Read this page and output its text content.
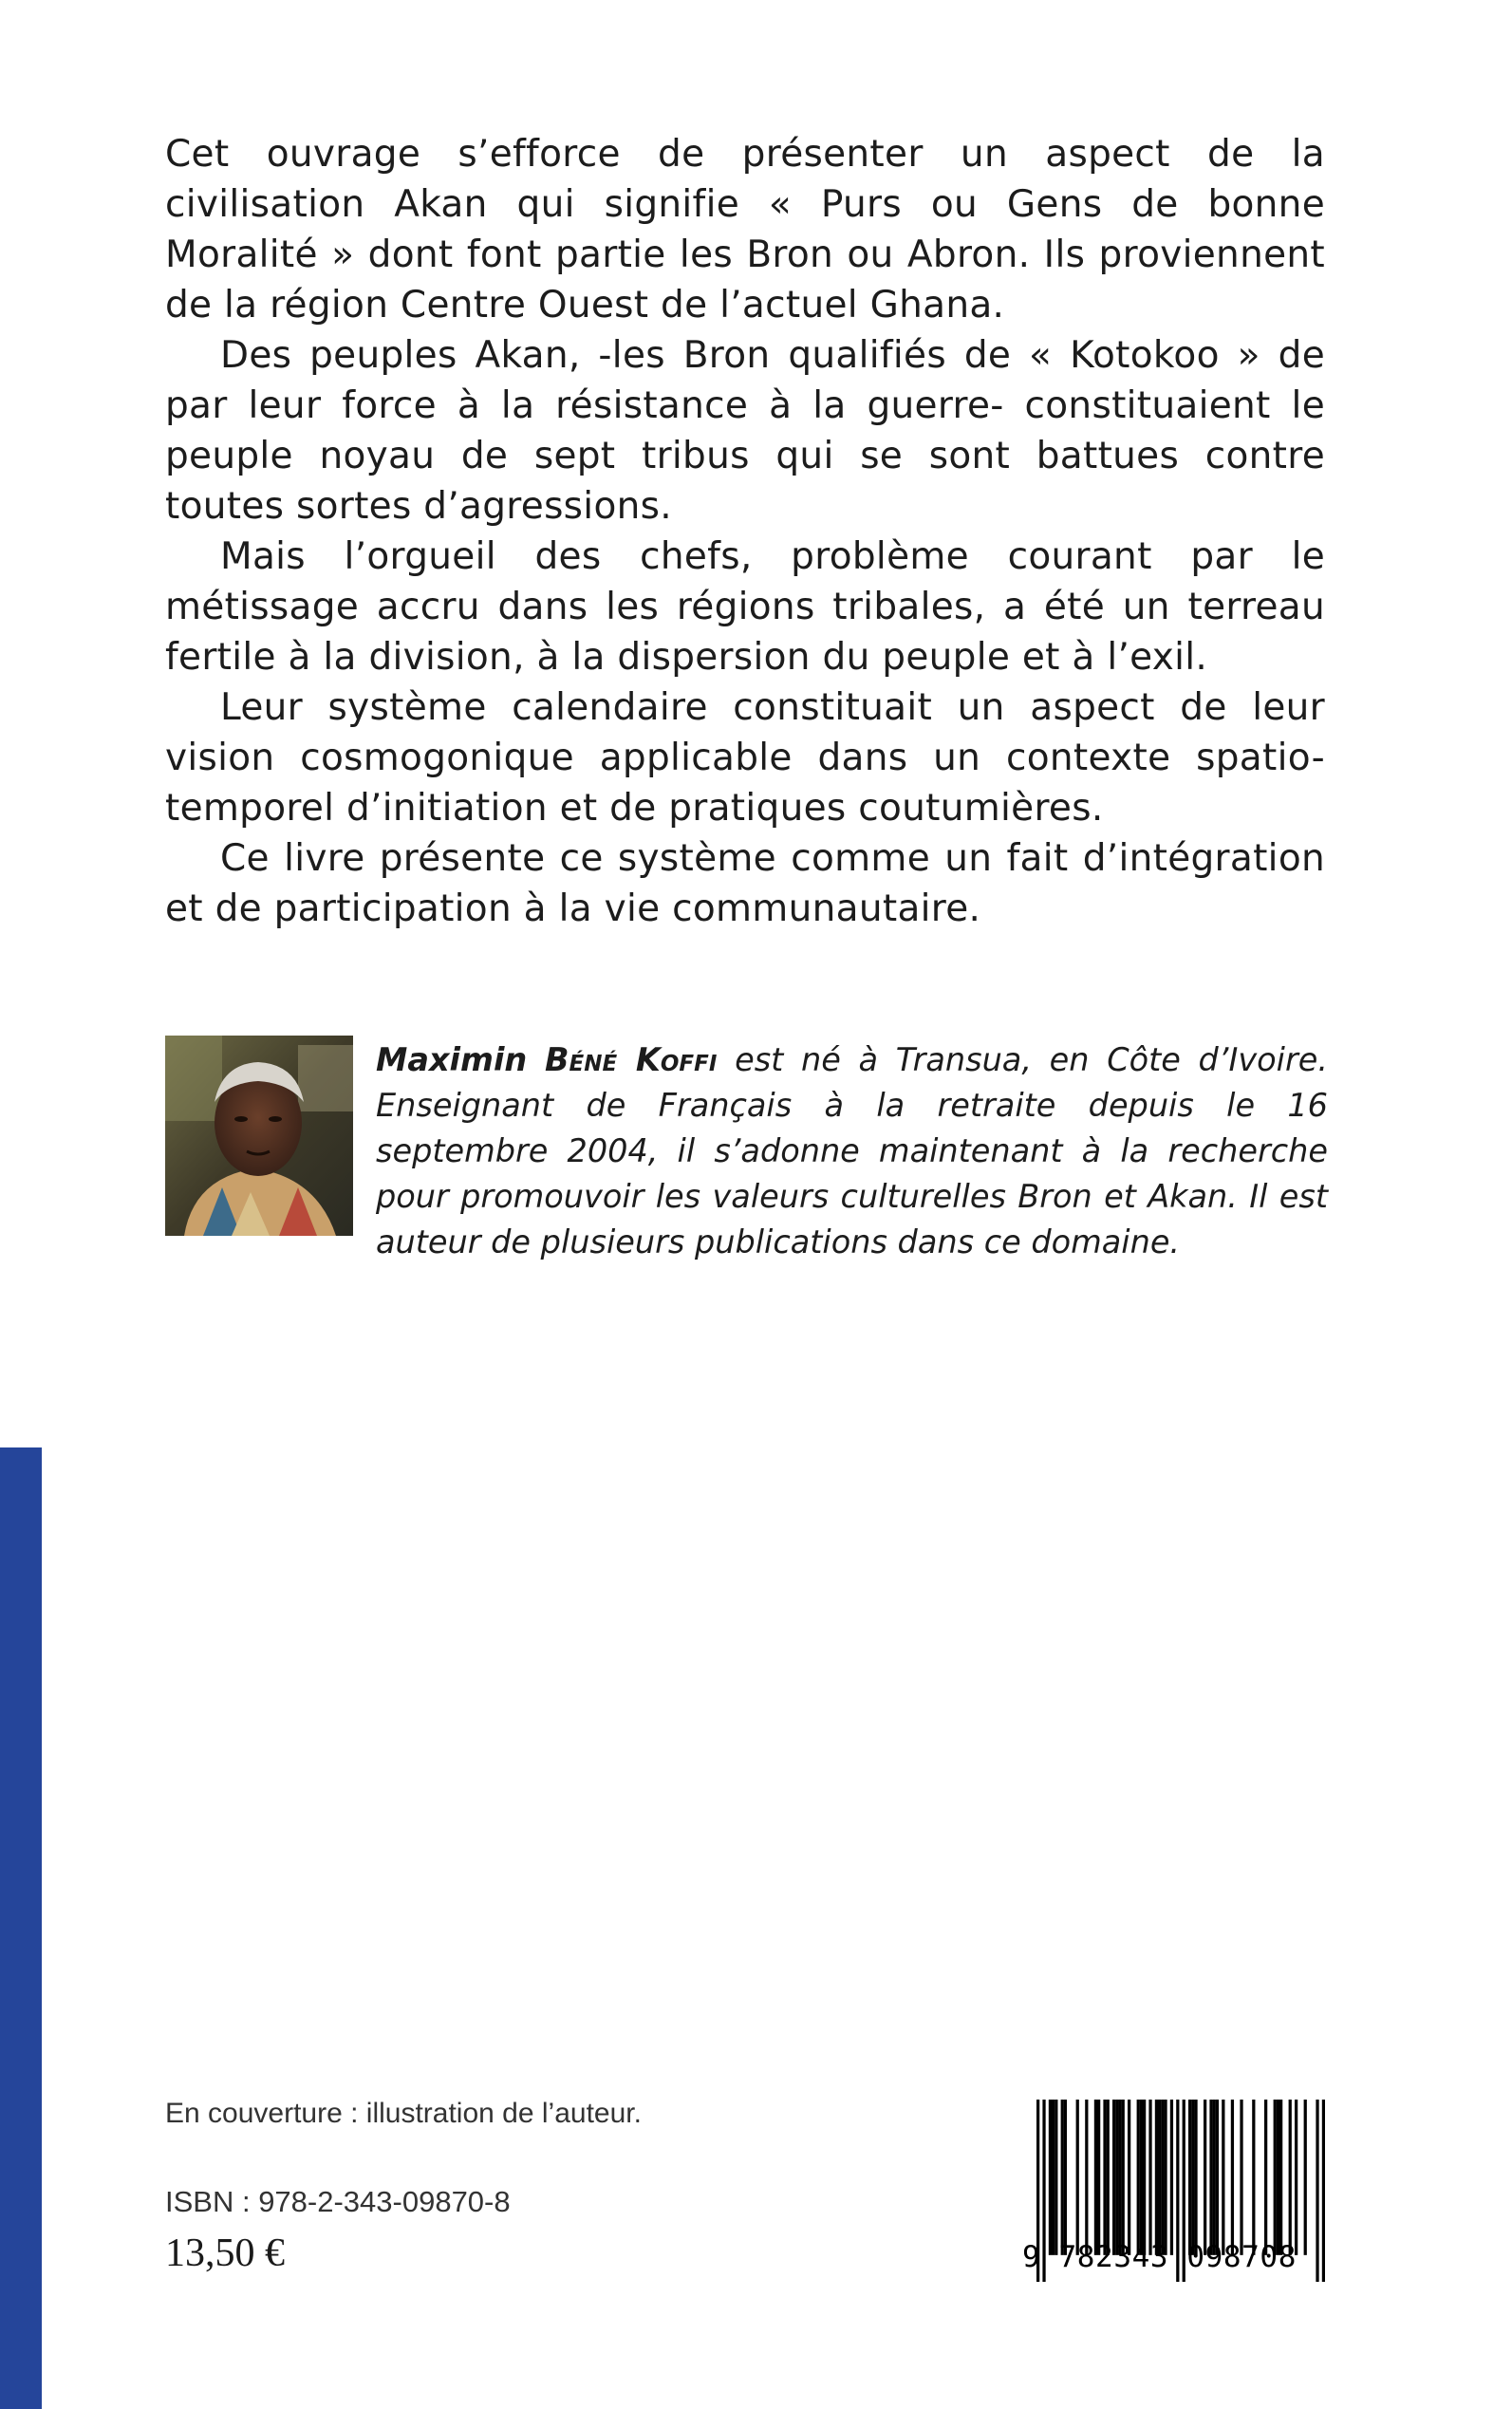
Cet ouvrage s’efforce de présenter un aspect de la civilisation Akan qui signifie « Purs ou Gens de bonne Moralité » dont font partie les Bron ou Abron. Ils proviennent de la région Centre Ouest de l’actuel Ghana.

Des peuples Akan, -les Bron qualifiés de « Kotokoo » de par leur force à la résistance à la guerre- constituaient le peuple noyau de sept tribus qui se sont battues contre toutes sortes d’agressions.

Mais l’orgueil des chefs, problème courant par le métissage accru dans les régions tribales, a été un terreau fertile à la division, à la dispersion du peuple et à l’exil.

Leur système calendaire constituait un aspect de leur vision cosmogonique applicable dans un contexte spatio-temporel d’initiation et de pratiques coutumières.

Ce livre présente ce système comme un fait d’intégration et de participation à la vie communautaire.

Maximin Béné Koffi est né à Transua, en Côte d’Ivoire. Enseignant de Français à la retraite depuis le 16 septembre 2004, il s’adonne maintenant à la recherche pour promouvoir les valeurs culturelles Bron et Akan. Il est auteur de plusieurs publications dans ce domaine.

En couverture : illustration de l’auteur.
ISBN : 978-2-343-09870-8
13,50 €	9 782343 098708
